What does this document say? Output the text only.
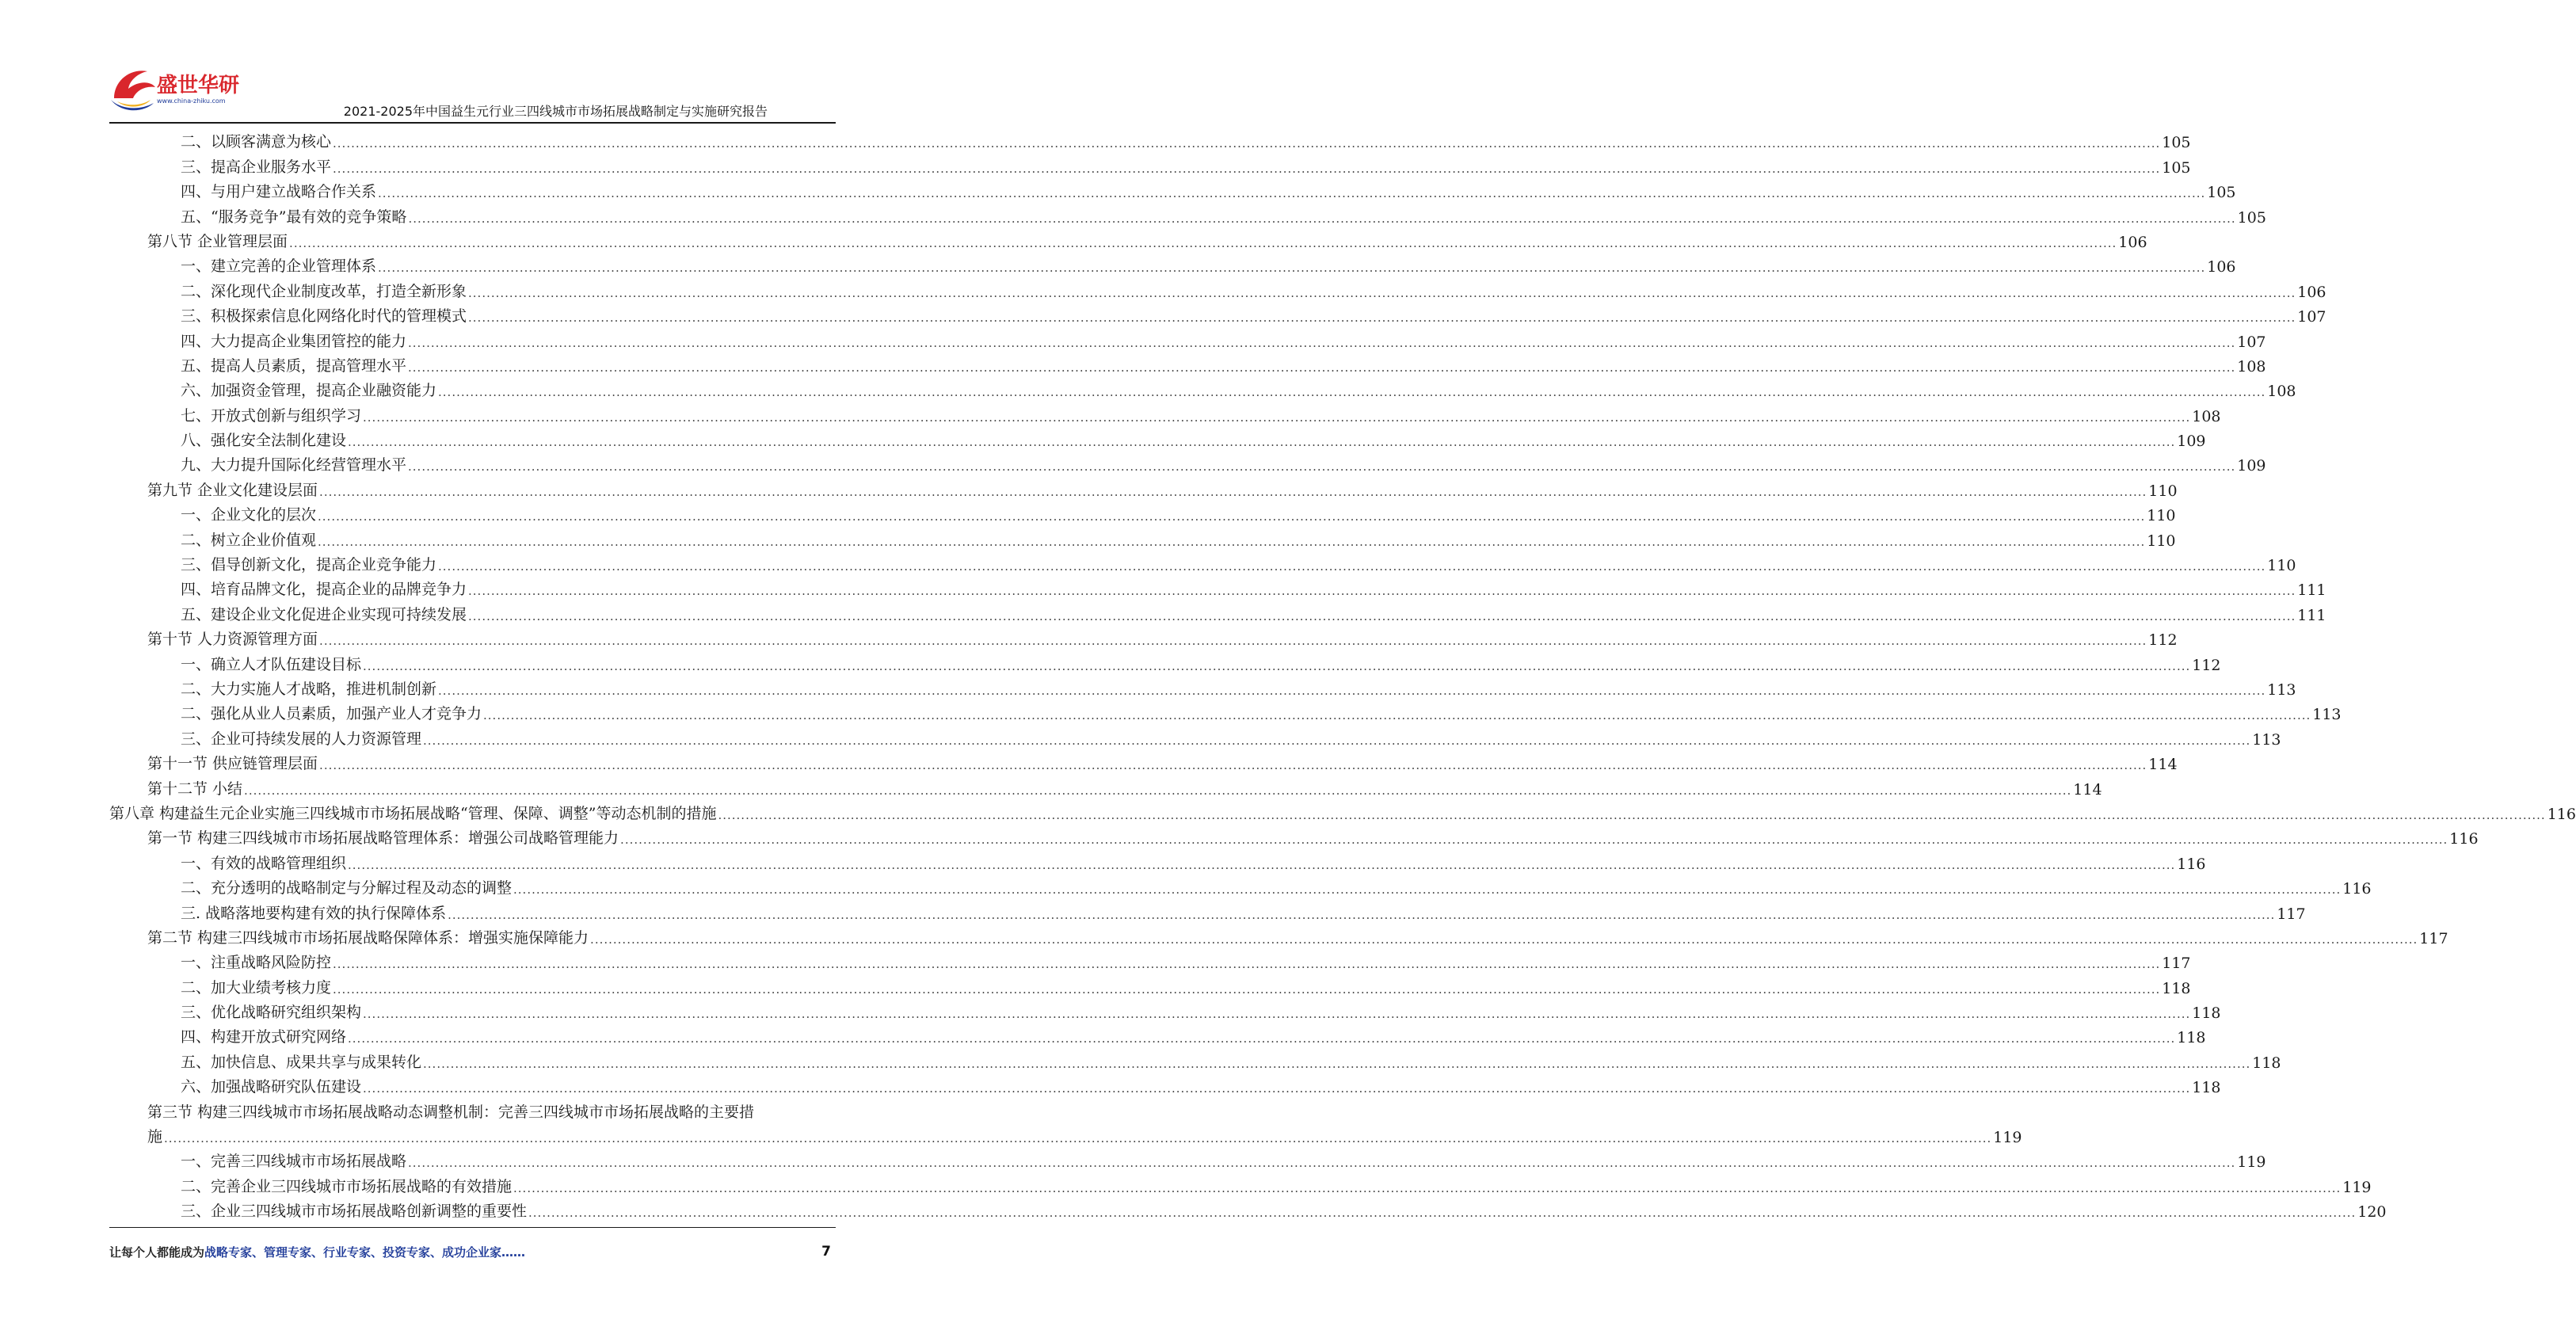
盛世华研
www.china-zhiku.com
2021-2025年中国益生元行业三四线城市市场拓展战略制定与实施研究报告
二、以顾客满意为核心 ................................................................................................................................................................................................................................................................................................................................................................................................................ 105
三、提高企业服务水平 ................................................................................................................................................................................................................................................................................................................................................................................................................ 105
四、与用户建立战略合作关系 ................................................................................................................................................................................................................................................................................................................................................................................................................ 105
五、“服务竞争”最有效的竞争策略 ................................................................................................................................................................................................................................................................................................................................................................................................................ 105
第八节 企业管理层面 ................................................................................................................................................................................................................................................................................................................................................................................................................ 106
一、建立完善的企业管理体系 ................................................................................................................................................................................................................................................................................................................................................................................................................ 106
二、深化现代企业制度改革，打造全新形象 ................................................................................................................................................................................................................................................................................................................................................................................................................ 106
三、积极探索信息化网络化时代的管理模式 ................................................................................................................................................................................................................................................................................................................................................................................................................ 107
四、大力提高企业集团管控的能力 ................................................................................................................................................................................................................................................................................................................................................................................................................ 107
五、提高人员素质，提高管理水平 ................................................................................................................................................................................................................................................................................................................................................................................................................ 108
六、加强资金管理，提高企业融资能力 ................................................................................................................................................................................................................................................................................................................................................................................................................ 108
七、开放式创新与组织学习 ................................................................................................................................................................................................................................................................................................................................................................................................................ 108
八、强化安全法制化建设 ................................................................................................................................................................................................................................................................................................................................................................................................................ 109
九、大力提升国际化经营管理水平 ................................................................................................................................................................................................................................................................................................................................................................................................................ 109
第九节 企业文化建设层面 ................................................................................................................................................................................................................................................................................................................................................................................................................ 110
一、企业文化的层次 ................................................................................................................................................................................................................................................................................................................................................................................................................ 110
二、树立企业价值观 ................................................................................................................................................................................................................................................................................................................................................................................................................ 110
三、倡导创新文化，提高企业竞争能力 ................................................................................................................................................................................................................................................................................................................................................................................................................ 110
四、培育品牌文化，提高企业的品牌竞争力 ................................................................................................................................................................................................................................................................................................................................................................................................................ 111
五、建设企业文化促进企业实现可持续发展 ................................................................................................................................................................................................................................................................................................................................................................................................................ 111
第十节 人力资源管理方面 ................................................................................................................................................................................................................................................................................................................................................................................................................ 112
一、确立人才队伍建设目标 ................................................................................................................................................................................................................................................................................................................................................................................................................ 112
二、大力实施人才战略，推进机制创新 ................................................................................................................................................................................................................................................................................................................................................................................................................ 113
二、强化从业人员素质，加强产业人才竞争力 ................................................................................................................................................................................................................................................................................................................................................................................................................ 113
三、企业可持续发展的人力资源管理 ................................................................................................................................................................................................................................................................................................................................................................................................................ 113
第十一节 供应链管理层面 ................................................................................................................................................................................................................................................................................................................................................................................................................ 114
第十二节 小结 ................................................................................................................................................................................................................................................................................................................................................................................................................ 114
第八章 构建益生元企业实施三四线城市市场拓展战略“管理、保障、调整”等动态机制的措施 ................................................................................................................................................................................................................................................................................................................................................................................................................ 116
第一节 构建三四线城市市场拓展战略管理体系：增强公司战略管理能力 ................................................................................................................................................................................................................................................................................................................................................................................................................ 116
一、有效的战略管理组织 ................................................................................................................................................................................................................................................................................................................................................................................................................ 116
二、充分透明的战略制定与分解过程及动态的调整 ................................................................................................................................................................................................................................................................................................................................................................................................................ 116
三. 战略落地要构建有效的执行保障体系 ................................................................................................................................................................................................................................................................................................................................................................................................................ 117
第二节 构建三四线城市市场拓展战略保障体系：增强实施保障能力 ................................................................................................................................................................................................................................................................................................................................................................................................................ 117
一、注重战略风险防控 ................................................................................................................................................................................................................................................................................................................................................................................................................ 117
二、加大业绩考核力度 ................................................................................................................................................................................................................................................................................................................................................................................................................ 118
三、优化战略研究组织架构 ................................................................................................................................................................................................................................................................................................................................................................................................................ 118
四、构建开放式研究网络 ................................................................................................................................................................................................................................................................................................................................................................................................................ 118
五、加快信息、成果共享与成果转化 ................................................................................................................................................................................................................................................................................................................................................................................................................ 118
六、加强战略研究队伍建设 ................................................................................................................................................................................................................................................................................................................................................................................................................ 118
第三节 构建三四线城市市场拓展战略动态调整机制：完善三四线城市市场拓展战略的主要措
施 ................................................................................................................................................................................................................................................................................................................................................................................................................ 119
一、完善三四线城市市场拓展战略 ................................................................................................................................................................................................................................................................................................................................................................................................................ 119
二、完善企业三四线城市市场拓展战略的有效措施 ................................................................................................................................................................................................................................................................................................................................................................................................................ 119
三、企业三四线城市市场拓展战略创新调整的重要性 ................................................................................................................................................................................................................................................................................................................................................................................................................ 120
让每个人都能成为战略专家、管理专家、行业专家、投资专家、成功企业家……	7
